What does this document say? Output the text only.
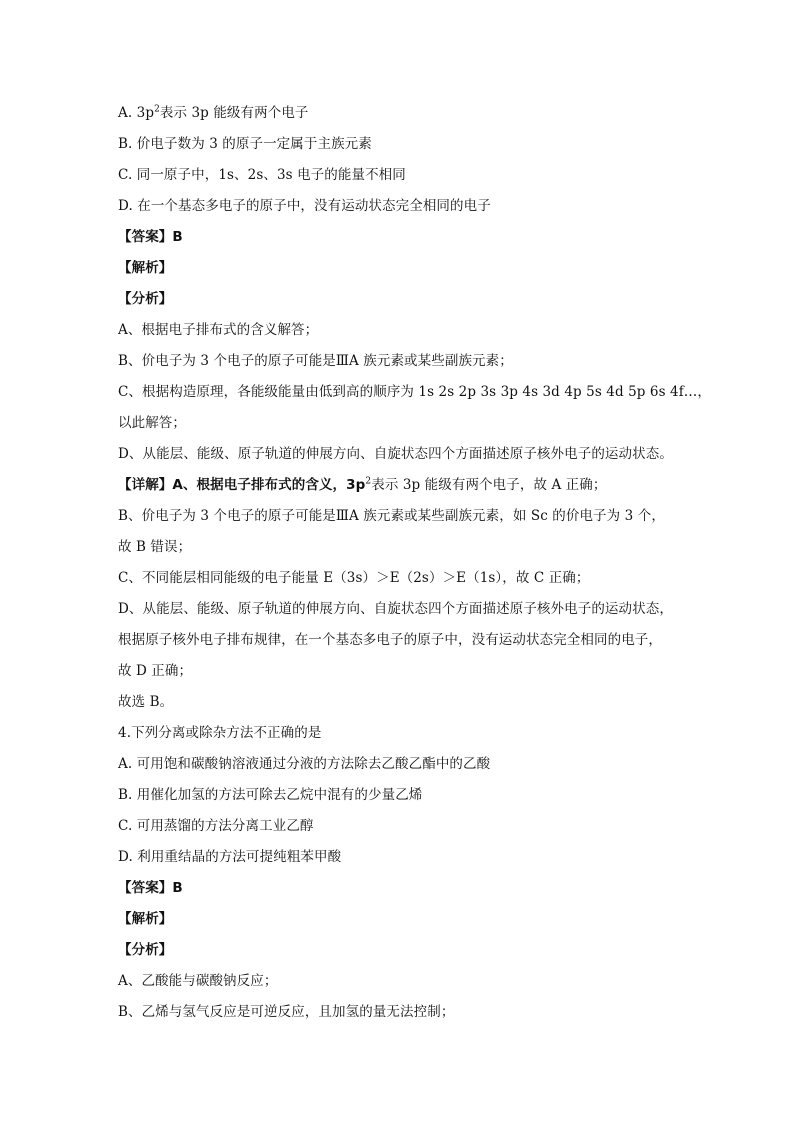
A. $3p^2$表示 3p 能级有两个电子
B. 价电子数为 3 的原子一定属于主族元素
C. 同一原子中，1s、2s、3s 电子的能量不相同
D. 在一个基态多电子的原子中，没有运动状态完全相同的电子
【答案】B
【解析】
【分析】
A、根据电子排布式的含义解答；
B、价电子为 3 个电子的原子可能是ⅢA 族元素或某些副族元素；
C、根据构造原理，各能级能量由低到高的顺序为 1s 2s 2p 3s 3p 4s 3d 4p 5s 4d 5p 6s 4f…，
以此解答；
D、从能层、能级、原子轨道的伸展方向、自旋状态四个方面描述原子核外电子的运动状态。
【详解】A、根据电子排布式的含义，$3p^2$表示 3p 能级有两个电子，故 A 正确；
B、价电子为 3 个电子的原子可能是ⅢA 族元素或某些副族元素，如 Sc 的价电子为 3 个，
故 B 错误；
C、不同能层相同能级的电子能量 E（3s）＞E（2s）＞E（1s），故 C 正确；
D、从能层、能级、原子轨道的伸展方向、自旋状态四个方面描述原子核外电子的运动状态，
根据原子核外电子排布规律，在一个基态多电子的原子中，没有运动状态完全相同的电子，
故 D 正确；
故选 B。
4.下列分离或除杂方法不正确的是
A. 可用饱和碳酸钠溶液通过分液的方法除去乙酸乙酯中的乙酸
B. 用催化加氢的方法可除去乙烷中混有的少量乙烯
C. 可用蒸馏的方法分离工业乙醇
D. 利用重结晶的方法可提纯粗苯甲酸
【答案】B
【解析】
【分析】
A、乙酸能与碳酸钠反应；
B、乙烯与氢气反应是可逆反应，且加氢的量无法控制；
